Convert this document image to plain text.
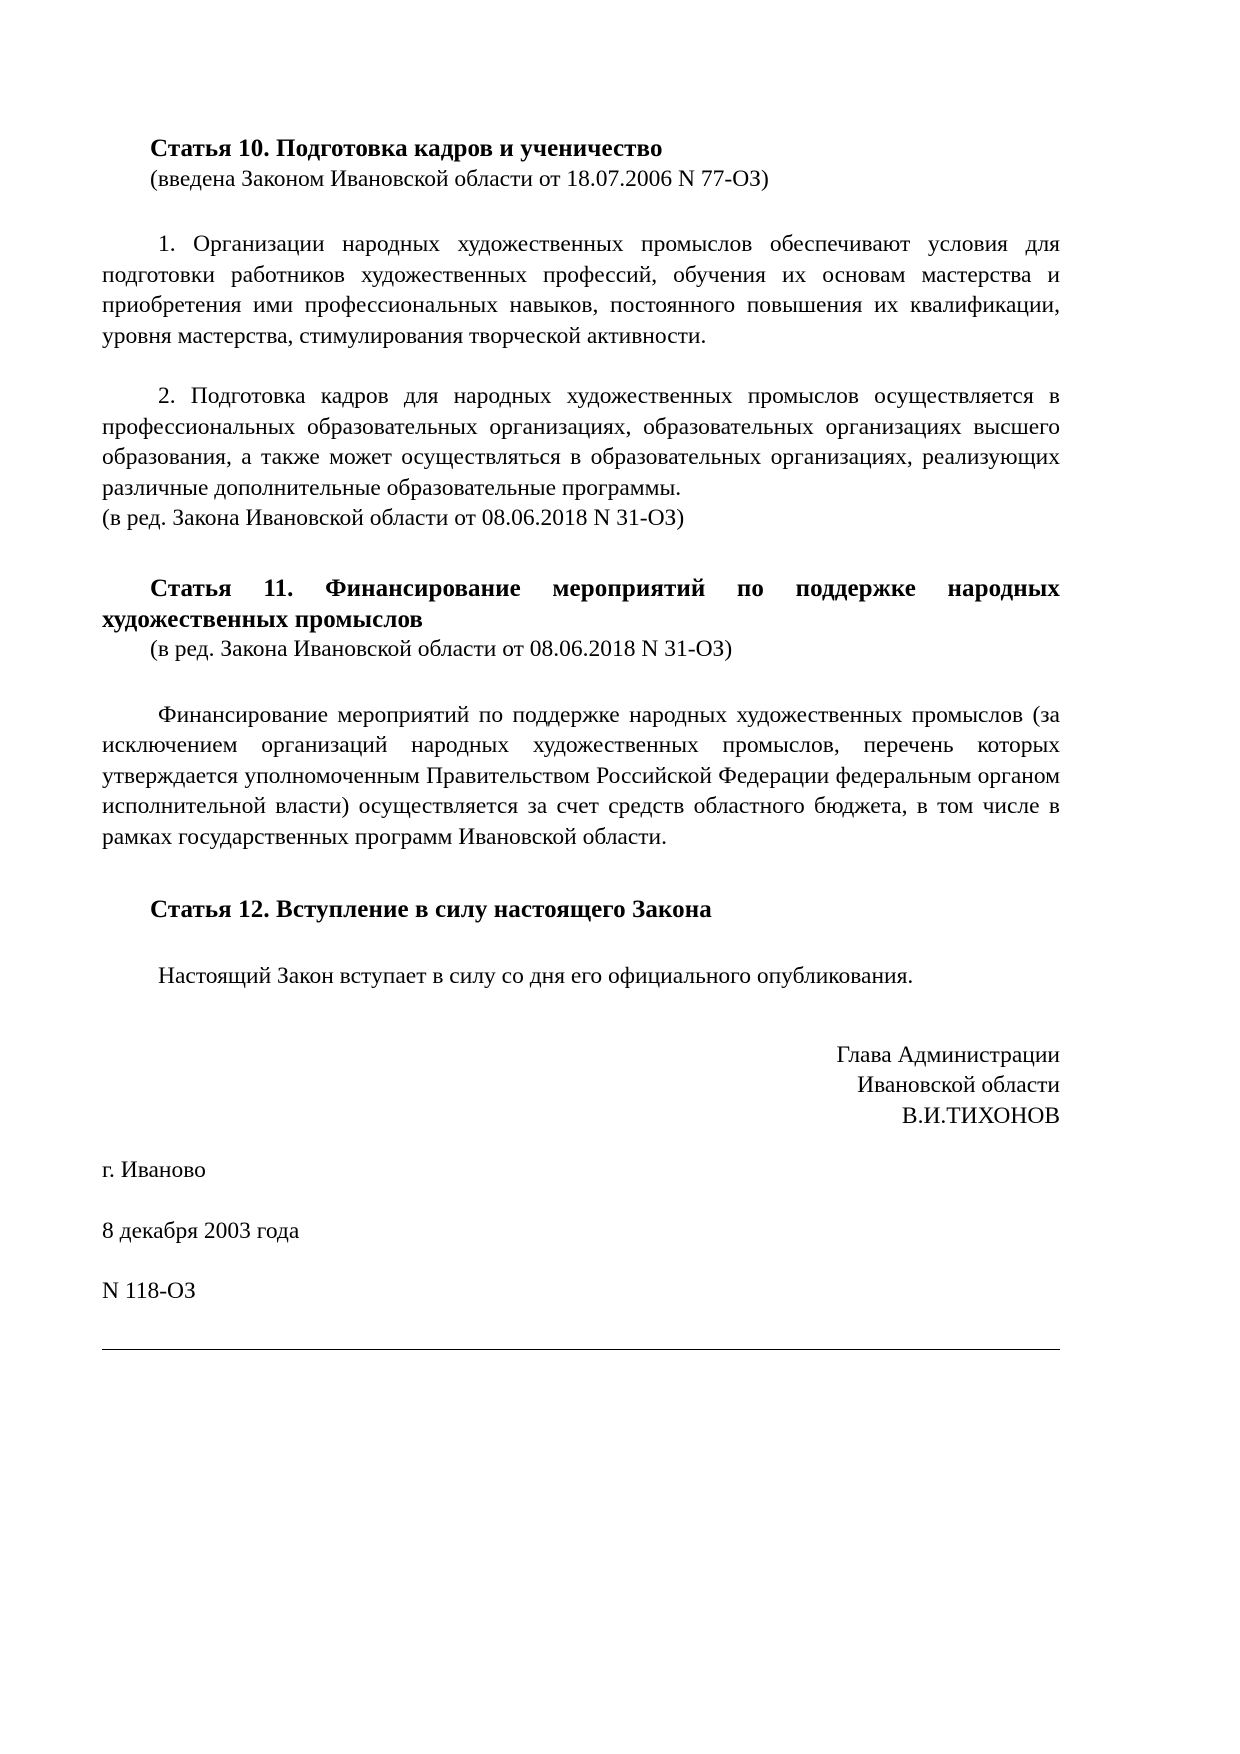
Статья 10. Подготовка кадров и ученичество

(введена Законом Ивановской области от 18.07.2006 N 77-ОЗ)

1. Организации народных художественных промыслов обеспечивают условия для подготовки работников художественных профессий, обучения их основам мастерства и приобретения ими профессиональных навыков, постоянного повышения их квалификации, уровня мастерства, стимулирования творческой активности.

2. Подготовка кадров для народных художественных промыслов осуществляется в профессиональных образовательных организациях, образовательных организациях высшего образования, а также может осуществляться в образовательных организациях, реализующих различные дополнительные образовательные программы.

(в ред. Закона Ивановской области от 08.06.2018 N 31-ОЗ)

Статья 11. Финансирование мероприятий по поддержке народных художественных промыслов

(в ред. Закона Ивановской области от 08.06.2018 N 31-ОЗ)

Финансирование мероприятий по поддержке народных художественных промыслов (за исключением организаций народных художественных промыслов, перечень которых утверждается уполномоченным Правительством Российской Федерации федеральным органом исполнительной власти) осуществляется за счет средств областного бюджета, в том числе в рамках государственных программ Ивановской области.

Статья 12. Вступление в силу настоящего Закона

Настоящий Закон вступает в силу со дня его официального опубликования.

Глава Администрации
Ивановской области
В.И.ТИХОНОВ

г. Иваново

8 декабря 2003 года

N 118-ОЗ
